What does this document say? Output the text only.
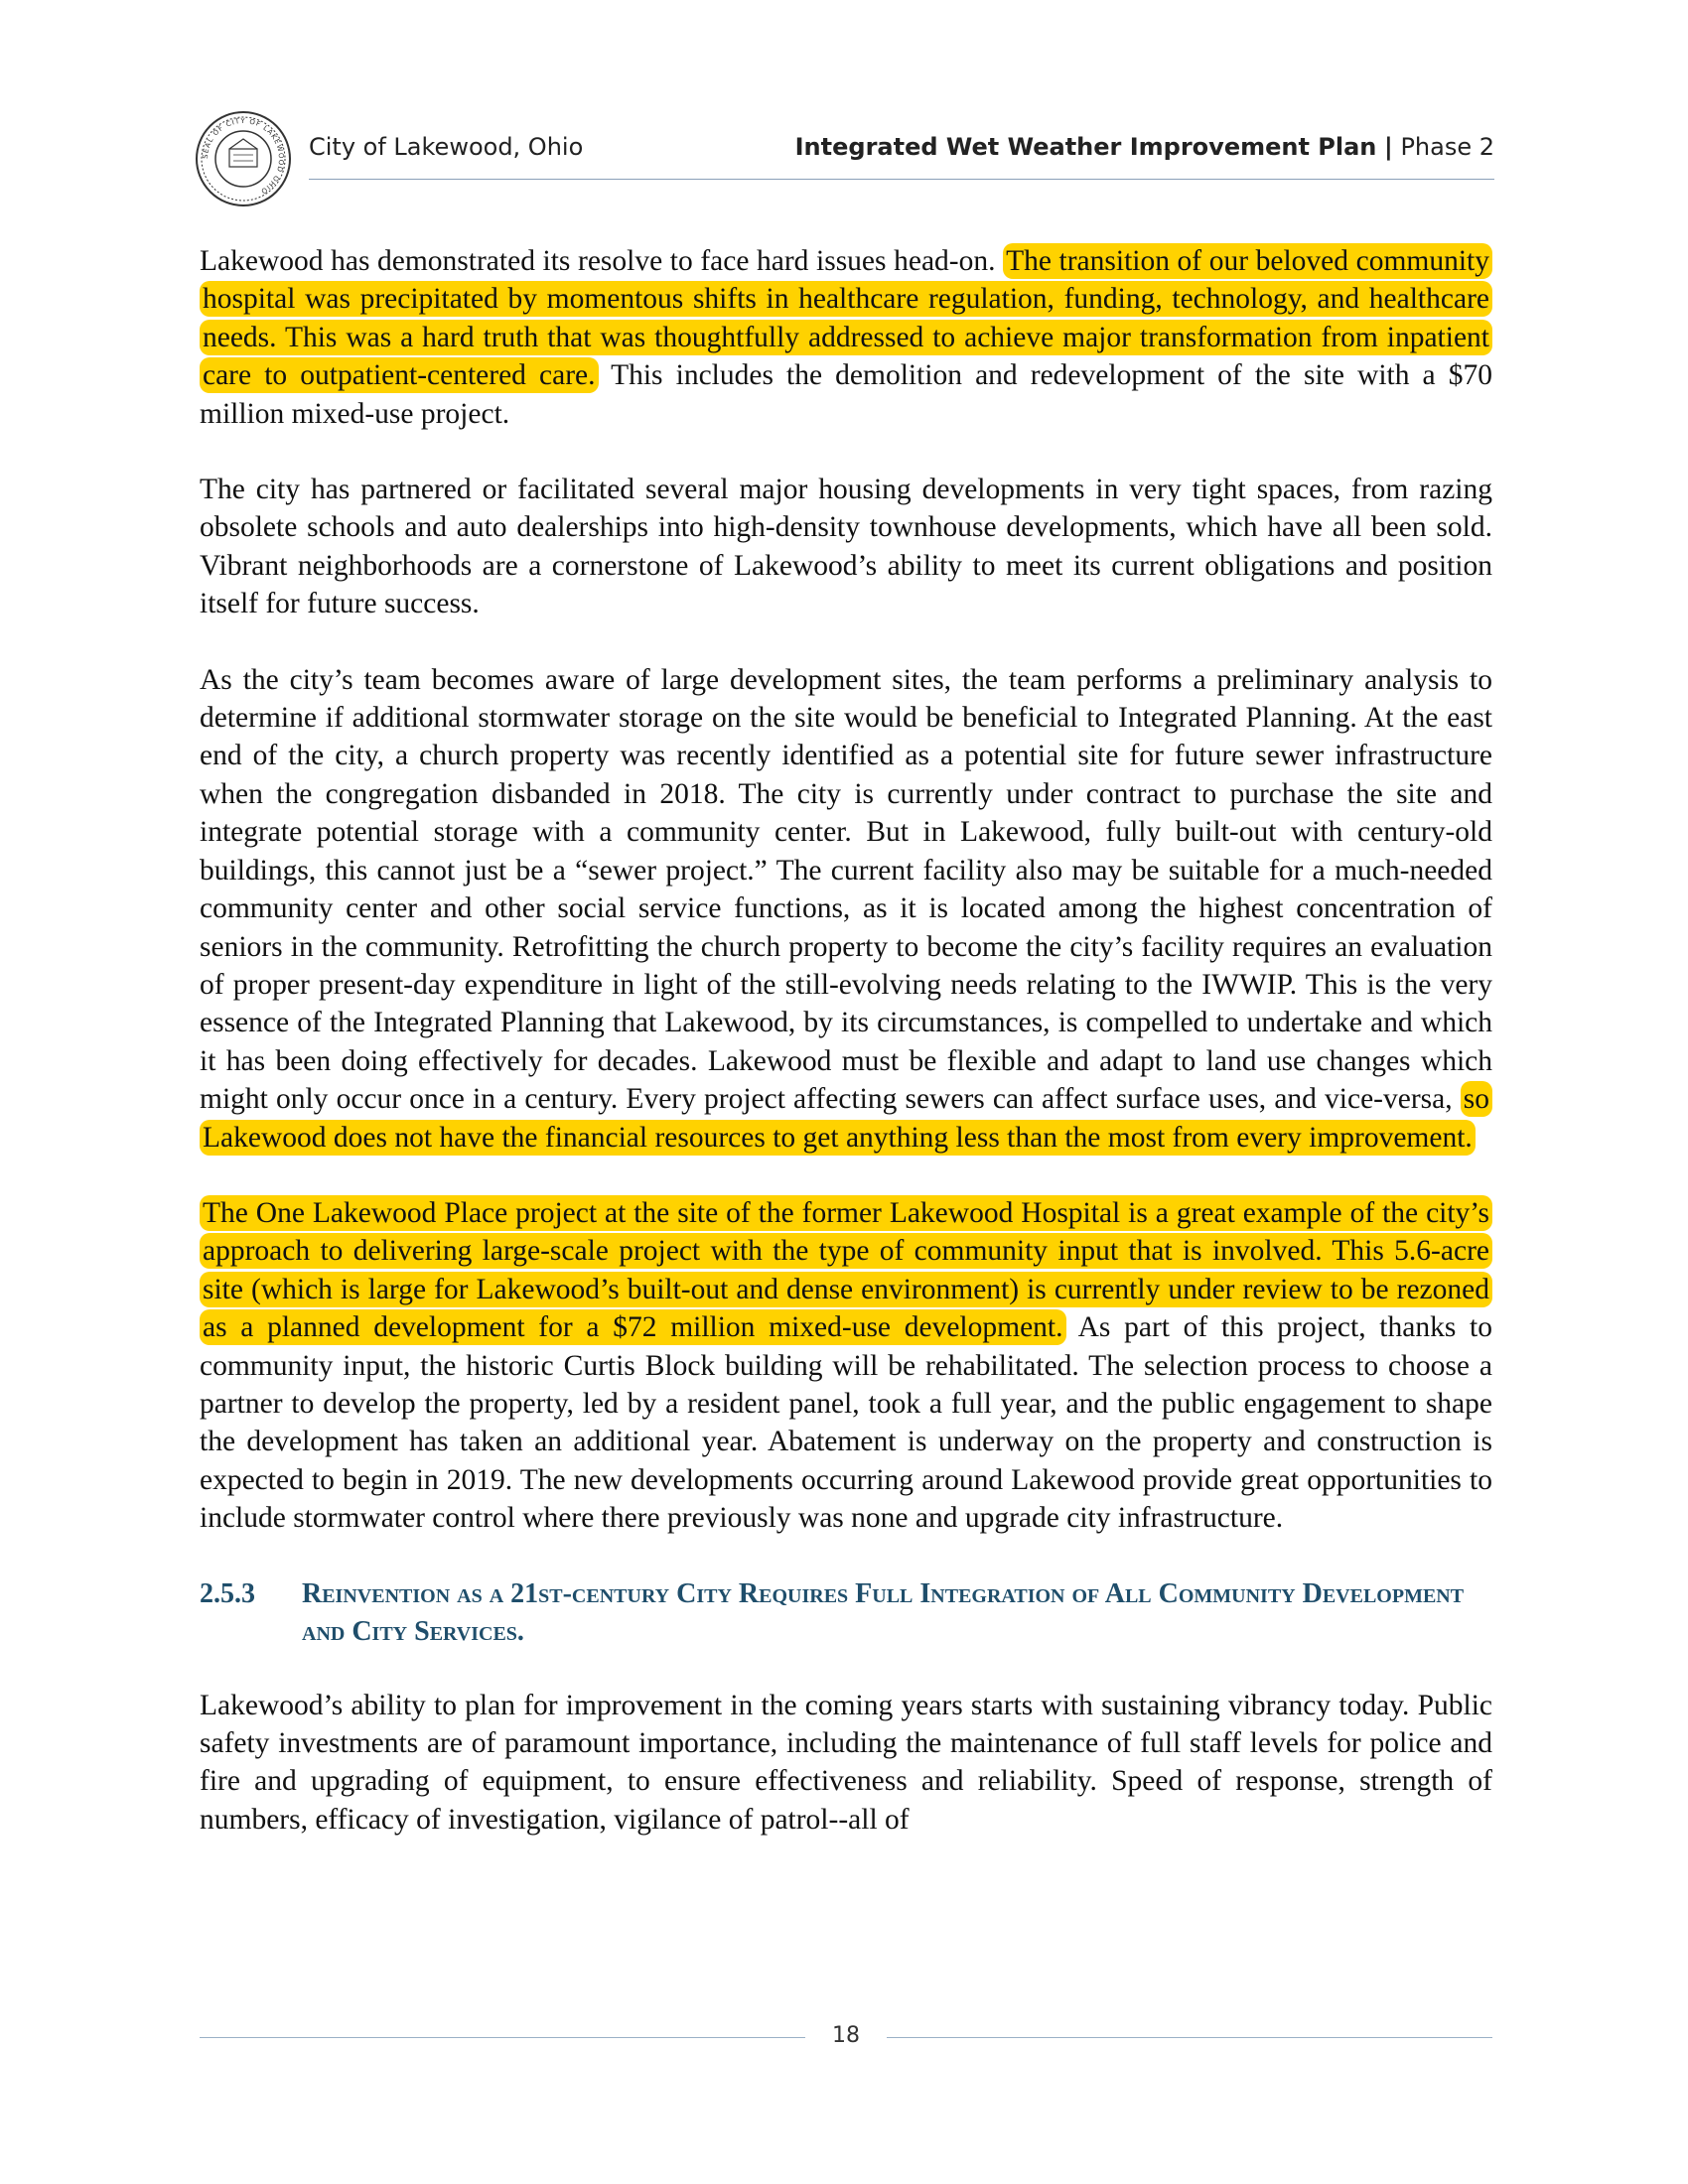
SEAL OF CITY OF LAKEWOOD OHIO
City of Lakewood, Ohio	Integrated Wet Weather Improvement Plan | Phase 2

Lakewood has demonstrated its resolve to face hard issues head-on. The transition of our beloved community hospital was precipitated by momentous shifts in healthcare regulation, funding, technology, and healthcare needs. This was a hard truth that was thoughtfully addressed to achieve major transformation from inpatient care to outpatient-centered care. This includes the demolition and redevelopment of the site with a $70 million mixed-use project.

The city has partnered or facilitated several major housing developments in very tight spaces, from razing obsolete schools and auto dealerships into high-density townhouse developments, which have all been sold. Vibrant neighborhoods are a cornerstone of Lakewood’s ability to meet its current obligations and position itself for future success.

As the city’s team becomes aware of large development sites, the team performs a preliminary analysis to determine if additional stormwater storage on the site would be beneficial to Integrated Planning. At the east end of the city, a church property was recently identified as a potential site for future sewer infrastructure when the congregation disbanded in 2018. The city is currently under contract to purchase the site and integrate potential storage with a community center. But in Lakewood, fully built-out with century-old buildings, this cannot just be a “sewer project.” The current facility also may be suitable for a much-needed community center and other social service functions, as it is located among the highest concentration of seniors in the community. Retrofitting the church property to become the city’s facility requires an evaluation of proper present-day expenditure in light of the still-evolving needs relating to the IWWIP. This is the very essence of the Integrated Planning that Lakewood, by its circumstances, is compelled to undertake and which it has been doing effectively for decades. Lakewood must be flexible and adapt to land use changes which might only occur once in a century. Every project affecting sewers can affect surface uses, and vice-versa, so Lakewood does not have the financial resources to get anything less than the most from every improvement.

The One Lakewood Place project at the site of the former Lakewood Hospital is a great example of the city’s approach to delivering large-scale project with the type of community input that is involved. This 5.6-acre site (which is large for Lakewood’s built-out and dense environment) is currently under review to be rezoned as a planned development for a $72 million mixed-use development. As part of this project, thanks to community input, the historic Curtis Block building will be rehabilitated. The selection process to choose a partner to develop the property, led by a resident panel, took a full year, and the public engagement to shape the development has taken an additional year. Abatement is underway on the property and construction is expected to begin in 2019. The new developments occurring around Lakewood provide great opportunities to include stormwater control where there previously was none and upgrade city infrastructure.

2.5.3	Reinvention as a 21st-century City Requires Full Integration of All Community Development and City Services.

Lakewood’s ability to plan for improvement in the coming years starts with sustaining vibrancy today. Public safety investments are of paramount importance, including the maintenance of full staff levels for police and fire and upgrading of equipment, to ensure effectiveness and reliability. Speed of response, strength of numbers, efficacy of investigation, vigilance of patrol--all of

18
